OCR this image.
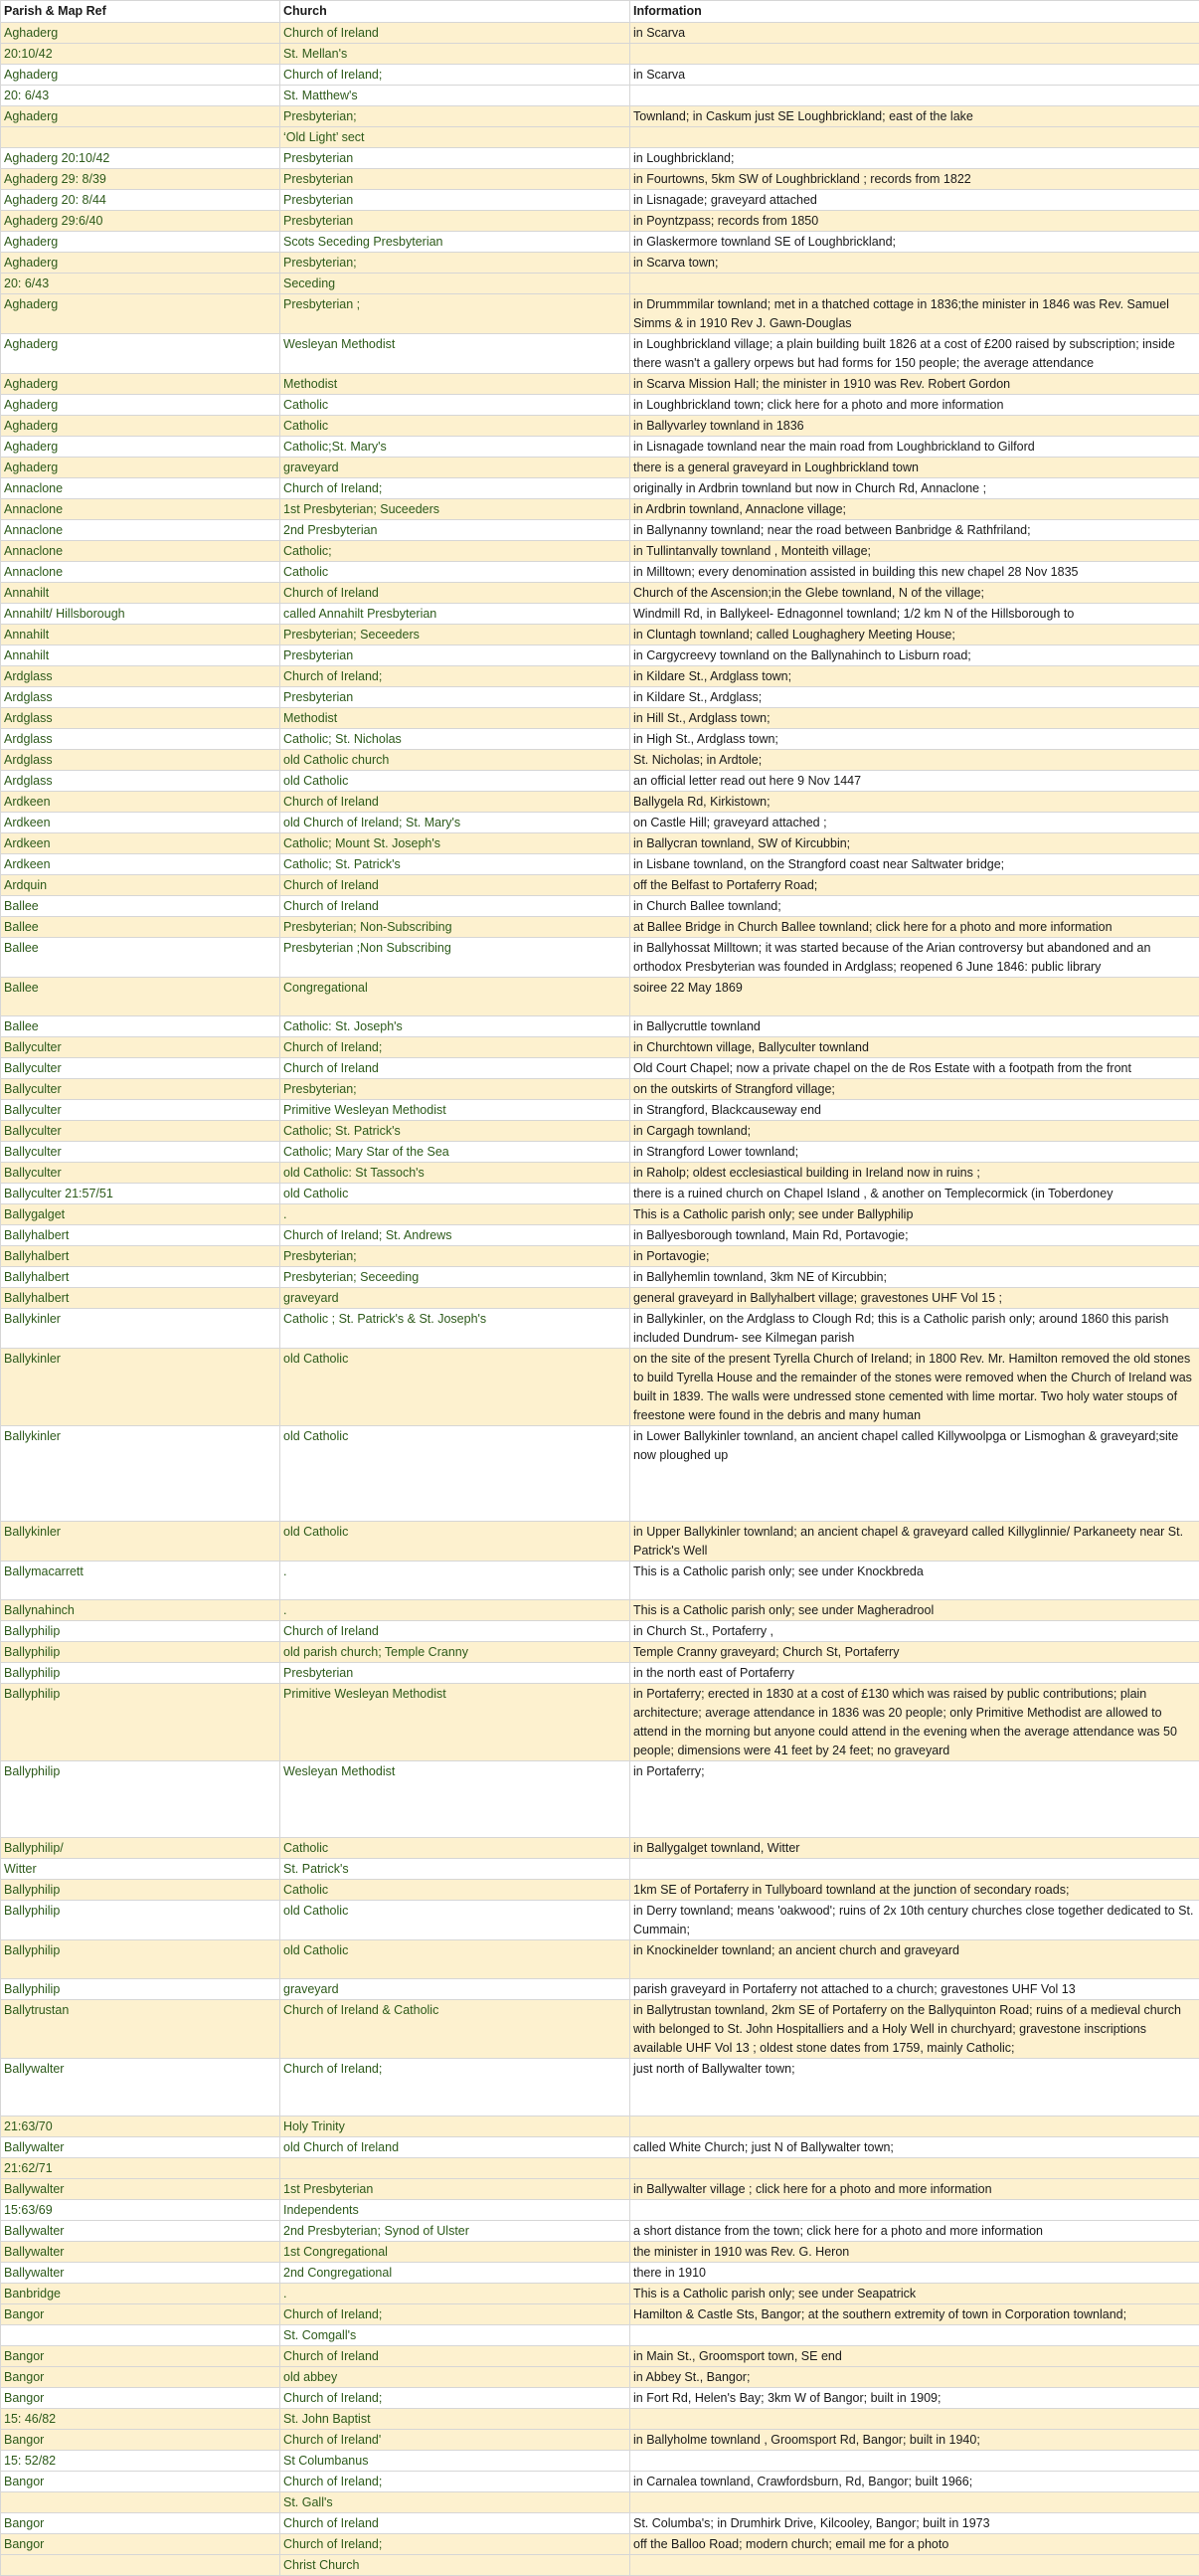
Parish & Map Ref	Church	Information
Aghaderg	Church of Ireland	in Scarva
20:10/42	St. Mellan's	
Aghaderg	Church of Ireland;	in Scarva
20: 6/43	St. Matthew's	
Aghaderg	Presbyterian;	Townland; in Caskum just SE Loughbrickland; east of the lake
	‘Old Light’ sect	
Aghaderg 20:10/42	Presbyterian	in Loughbrickland;
Aghaderg 29: 8/39	Presbyterian	in Fourtowns, 5km SW of Loughbrickland ; records from 1822
Aghaderg 20: 8/44	Presbyterian	in Lisnagade; graveyard attached
Aghaderg 29:6/40	Presbyterian	in Poyntzpass; records from 1850
Aghaderg	Scots Seceding Presbyterian	in Glaskermore townland SE of Loughbrickland;
Aghaderg	Presbyterian;	in Scarva town;
20: 6/43	Seceding	
Aghaderg	Presbyterian ;	in Drummmilar townland; met in a thatched cottage in 1836;the minister in 1846 was Rev. Samuel Simms & in 1910 Rev J. Gawn-Douglas
Aghaderg	Wesleyan Methodist	in Loughbrickland village; a plain building built 1826 at a cost of £200 raised by subscription; inside there wasn't a gallery orpews but had forms for 150 people; the average attendance
Aghaderg	Methodist	in Scarva Mission Hall; the minister in 1910 was Rev. Robert Gordon
Aghaderg	Catholic	in Loughbrickland town; click here for a photo and more information
Aghaderg	Catholic	in Ballyvarley townland in 1836
Aghaderg	Catholic;St. Mary's	in Lisnagade townland near the main road from Loughbrickland to Gilford
Aghaderg	graveyard	there is a general graveyard in Loughbrickland town
Annaclone	Church of Ireland;	originally in Ardbrin townland but now in Church Rd, Annaclone ;
Annaclone	1st Presbyterian; Suceeders	in Ardbrin townland, Annaclone village;
Annaclone	2nd Presbyterian	in Ballynanny townland; near the road between Banbridge & Rathfriland;
Annaclone	Catholic;	in Tullintanvally townland , Monteith village;
Annaclone	Catholic	in Milltown; every denomination assisted in building this new chapel 28 Nov 1835
Annahilt	Church of Ireland	Church of the Ascension;in the Glebe townland, N of the village;
Annahilt/ Hillsborough	called Annahilt Presbyterian	Windmill Rd, in Ballykeel- Ednagonnel townland; 1/2 km N of the Hillsborough to
Annahilt	Presbyterian; Seceeders	in Cluntagh townland; called Loughaghery Meeting House;
Annahilt	Presbyterian	in Cargycreevy townland on the Ballynahinch to Lisburn road;
Ardglass	Church of Ireland;	in Kildare St., Ardglass town;
Ardglass	Presbyterian	in Kildare St., Ardglass;
Ardglass	Methodist	in Hill St., Ardglass town;
Ardglass	Catholic; St. Nicholas	in High St., Ardglass town;
Ardglass	old Catholic church	St. Nicholas; in Ardtole;
Ardglass	old Catholic	an official letter read out here 9 Nov 1447
Ardkeen	Church of Ireland	Ballygela Rd, Kirkistown;
Ardkeen	old Church of Ireland; St. Mary's	on Castle Hill; graveyard attached ;
Ardkeen	Catholic; Mount St. Joseph's	in Ballycran townland, SW of Kircubbin;
Ardkeen	Catholic; St. Patrick's	in Lisbane townland, on the Strangford coast near Saltwater bridge;
Ardquin	Church of Ireland	off the Belfast to Portaferry Road;
Ballee	Church of Ireland	in Church Ballee townland;
Ballee	Presbyterian; Non-Subscribing	at Ballee Bridge in Church Ballee townland; click here for a photo and more information
Ballee	Presbyterian ;Non Subscribing	in Ballyhossat Milltown; it was started because of the Arian controversy but abandoned and an orthodox Presbyterian was founded in Ardglass; reopened 6 June 1846: public library
Ballee	Congregational	soiree 22 May 1869
Ballee	Catholic: St. Joseph's	in Ballycruttle townland
Ballyculter	Church of Ireland;	in Churchtown village, Ballyculter townland
Ballyculter	Church of Ireland	Old Court Chapel; now a private chapel on the de Ros Estate with a footpath from the front
Ballyculter	Presbyterian;	on the outskirts of Strangford village;
Ballyculter	Primitive Wesleyan Methodist	in Strangford, Blackcauseway end
Ballyculter	Catholic; St. Patrick's	in Cargagh townland;
Ballyculter	Catholic; Mary Star of the Sea	in Strangford Lower townland;
Ballyculter	old Catholic: St Tassoch's	in Raholp; oldest ecclesiastical building in Ireland now in ruins ;
Ballyculter 21:57/51	old Catholic	there is a ruined church on Chapel Island , & another on Templecormick (in Toberdoney
Ballygalget	.	This is a Catholic parish only; see under Ballyphilip
Ballyhalbert	Church of Ireland; St. Andrews	in Ballyesborough townland, Main Rd, Portavogie;
Ballyhalbert	Presbyterian;	in Portavogie;
Ballyhalbert	Presbyterian; Seceeding	in Ballyhemlin townland, 3km NE of Kircubbin;
Ballyhalbert	graveyard	general graveyard in Ballyhalbert village; gravestones UHF Vol 15 ;
Ballykinler	Catholic ; St. Patrick's & St. Joseph's	in Ballykinler, on the Ardglass to Clough Rd; this is a Catholic parish only; around 1860 this parish included Dundrum- see Kilmegan parish
Ballykinler	old Catholic	on the site of the present Tyrella Church of Ireland; in 1800 Rev. Mr. Hamilton removed the old stones to build Tyrella House and the remainder of the stones were removed when the Church of Ireland was built in 1839. The walls were undressed stone cemented with lime mortar. Two holy water stoups of freestone were found in the debris and many human
Ballykinler	old Catholic	in Lower Ballykinler townland, an ancient chapel called Killywoolpga or Lismoghan & graveyard;site now ploughed up
Ballykinler	old Catholic	in Upper Ballykinler townland; an ancient chapel & graveyard called Killyglinnie/ Parkaneety near St. Patrick's Well
Ballymacarrett	.	This is a Catholic parish only; see under Knockbreda
Ballynahinch	.	This is a Catholic parish only; see under Magheradrool
Ballyphilip	Church of Ireland	in Church St., Portaferry ,
Ballyphilip	old parish church; Temple Cranny	Temple Cranny graveyard; Church St, Portaferry
Ballyphilip	Presbyterian	in the north east of Portaferry
Ballyphilip	Primitive Wesleyan Methodist	in Portaferry; erected in 1830 at a cost of £130 which was raised by public contributions; plain architecture; average attendance in 1836 was 20 people; only Primitive Methodist are allowed to attend in the morning but anyone could attend in the evening when the average attendance was 50 people; dimensions were 41 feet by 24 feet; no graveyard
Ballyphilip	Wesleyan Methodist	in Portaferry;
Ballyphilip/	Catholic	in Ballygalget townland, Witter
Witter	St. Patrick's	
Ballyphilip	Catholic	1km SE of Portaferry in Tullyboard townland at the junction of secondary roads;
Ballyphilip	old Catholic	in Derry townland; means 'oakwood'; ruins of 2x 10th century churches close together dedicated to St. Cummain;
Ballyphilip	old Catholic	in Knockinelder townland; an ancient church and graveyard
Ballyphilip	graveyard	parish graveyard in Portaferry not attached to a church; gravestones UHF Vol 13
Ballytrustan	Church of Ireland & Catholic	in Ballytrustan townland, 2km SE of Portaferry on the Ballyquinton Road; ruins of a medieval church with belonged to St. John Hospitalliers and a Holy Well in churchyard; gravestone inscriptions available UHF Vol 13 ; oldest stone dates from 1759, mainly Catholic;
Ballywalter	Church of Ireland;	just north of Ballywalter town;
21:63/70	Holy Trinity	
Ballywalter	old Church of Ireland	called White Church; just N of Ballywalter town;
21:62/71		
Ballywalter	1st Presbyterian	in Ballywalter village ; click here for a photo and more information
15:63/69	Independents	
Ballywalter	2nd Presbyterian; Synod of Ulster	a short distance from the town; click here for a photo and more information
Ballywalter	1st Congregational	the minister in 1910 was Rev. G. Heron
Ballywalter	2nd Congregational	there in 1910
Banbridge	.	This is a Catholic parish only; see under Seapatrick
Bangor	Church of Ireland;	Hamilton & Castle Sts, Bangor; at the southern extremity of town in Corporation townland;
	St. Comgall's	
Bangor	Church of Ireland	in Main St., Groomsport town, SE end
Bangor	old abbey	in Abbey St., Bangor;
Bangor	Church of Ireland;	in Fort Rd, Helen's Bay; 3km W of Bangor; built in 1909;
15: 46/82	St. John Baptist	
Bangor	Church of Ireland'	in Ballyholme townland , Groomsport Rd, Bangor; built in 1940;
15: 52/82	St Columbanus	
Bangor	Church of Ireland;	in Carnalea townland, Crawfordsburn, Rd, Bangor; built 1966;
	St. Gall's	
Bangor	Church of Ireland	St. Columba's; in Drumhirk Drive, Kilcooley, Bangor; built in 1973
Bangor	Church of Ireland;	off the Balloo Road; modern church; email me for a photo
	Christ Church	
